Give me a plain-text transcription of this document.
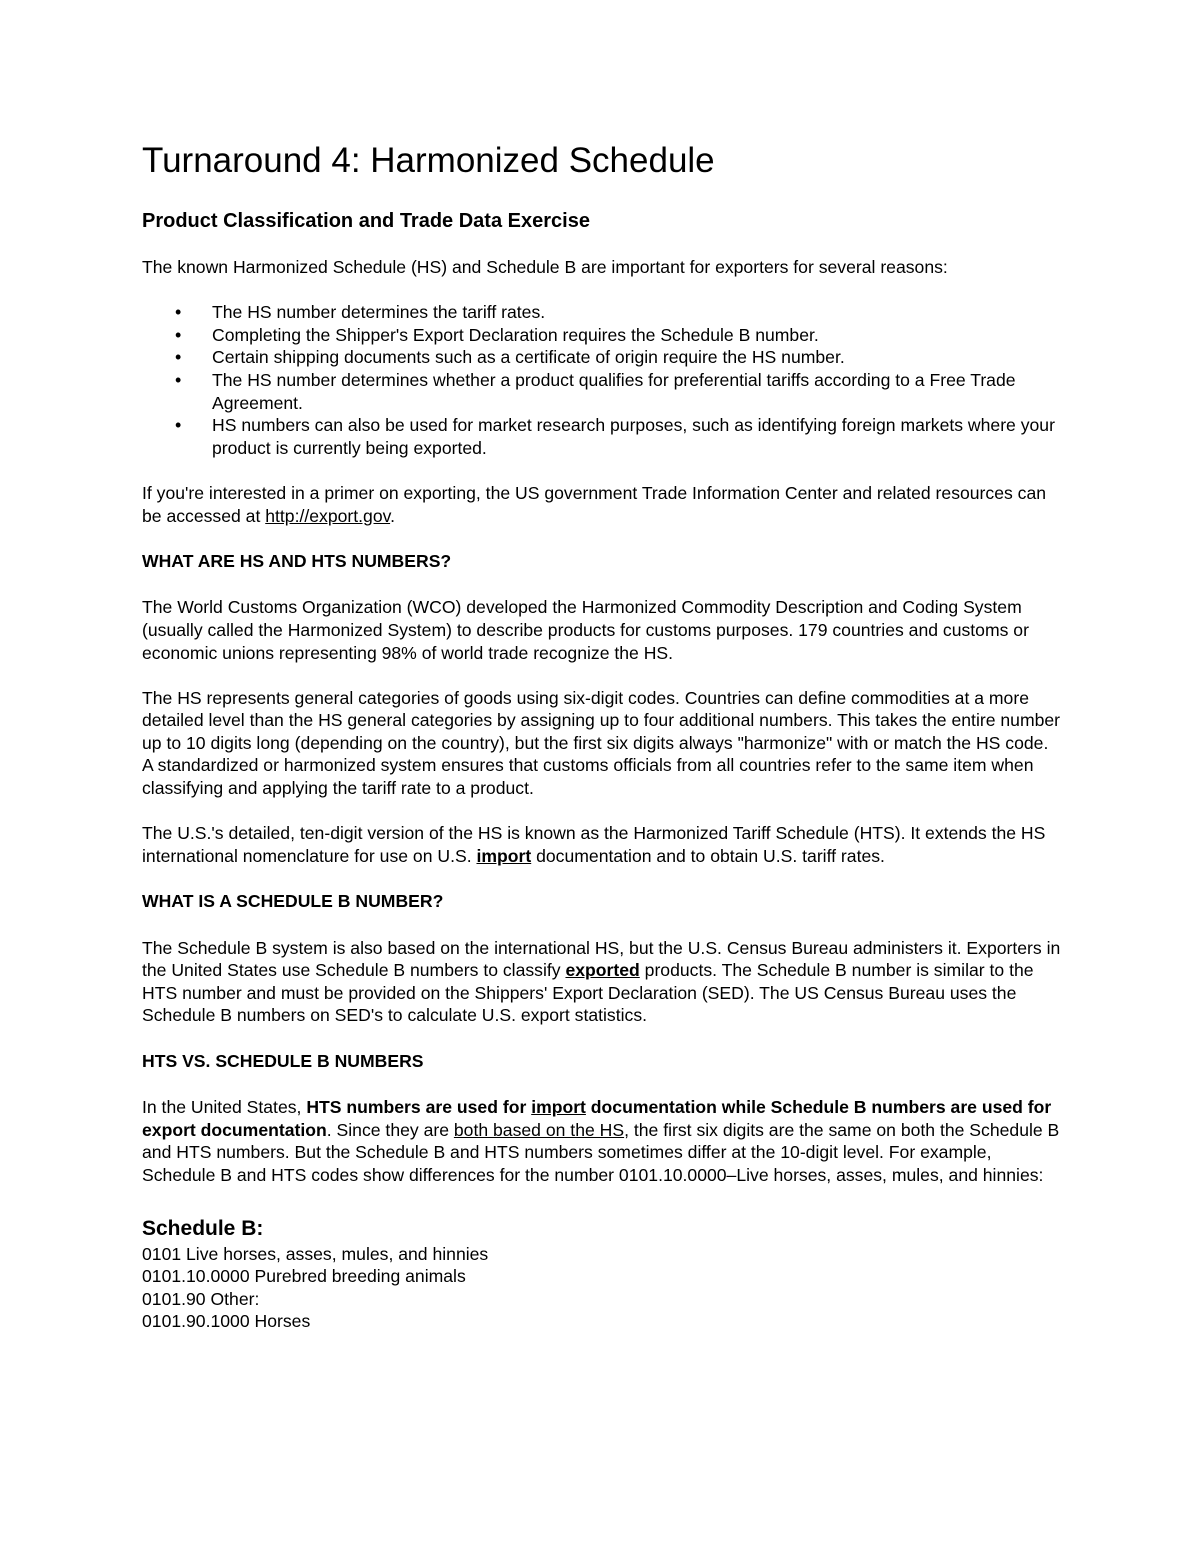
Turnaround 4: Harmonized Schedule
Product Classification and Trade Data Exercise

The known Harmonized Schedule (HS) and Schedule B are important for exporters for several reasons:

• The HS number determines the tariff rates.
• Completing the Shipper's Export Declaration requires the Schedule B number.
• Certain shipping documents such as a certificate of origin require the HS number.
• The HS number determines whether a product qualifies for preferential tariffs according to a Free Trade Agreement.
• HS numbers can also be used for market research purposes, such as identifying foreign markets where your product is currently being exported.

If you're interested in a primer on exporting, the US government Trade Information Center and related resources can be accessed at http://export.gov.

WHAT ARE HS AND HTS NUMBERS?

The World Customs Organization (WCO) developed the Harmonized Commodity Description and Coding System (usually called the Harmonized System) to describe products for customs purposes. 179 countries and customs or economic unions representing 98% of world trade recognize the HS.

The HS represents general categories of goods using six-digit codes. Countries can define commodities at a more detailed level than the HS general categories by assigning up to four additional numbers. This takes the entire number up to 10 digits long (depending on the country), but the first six digits always "harmonize" with or match the HS code. A standardized or harmonized system ensures that customs officials from all countries refer to the same item when classifying and applying the tariff rate to a product.

The U.S.'s detailed, ten-digit version of the HS is known as the Harmonized Tariff Schedule (HTS). It extends the HS international nomenclature for use on U.S. import documentation and to obtain U.S. tariff rates.

WHAT IS A SCHEDULE B NUMBER?

The Schedule B system is also based on the international HS, but the U.S. Census Bureau administers it. Exporters in the United States use Schedule B numbers to classify exported products. The Schedule B number is similar to the HTS number and must be provided on the Shippers' Export Declaration (SED). The US Census Bureau uses the Schedule B numbers on SED's to calculate U.S. export statistics.

HTS VS. SCHEDULE B NUMBERS

In the United States, HTS numbers are used for import documentation while Schedule B numbers are used for export documentation. Since they are both based on the HS, the first six digits are the same on both the Schedule B and HTS numbers. But the Schedule B and HTS numbers sometimes differ at the 10-digit level. For example, Schedule B and HTS codes show differences for the number 0101.10.0000–Live horses, asses, mules, and hinnies:

Schedule B:
0101 Live horses, asses, mules, and hinnies
0101.10.0000 Purebred breeding animals
0101.90 Other:
0101.90.1000 Horses
